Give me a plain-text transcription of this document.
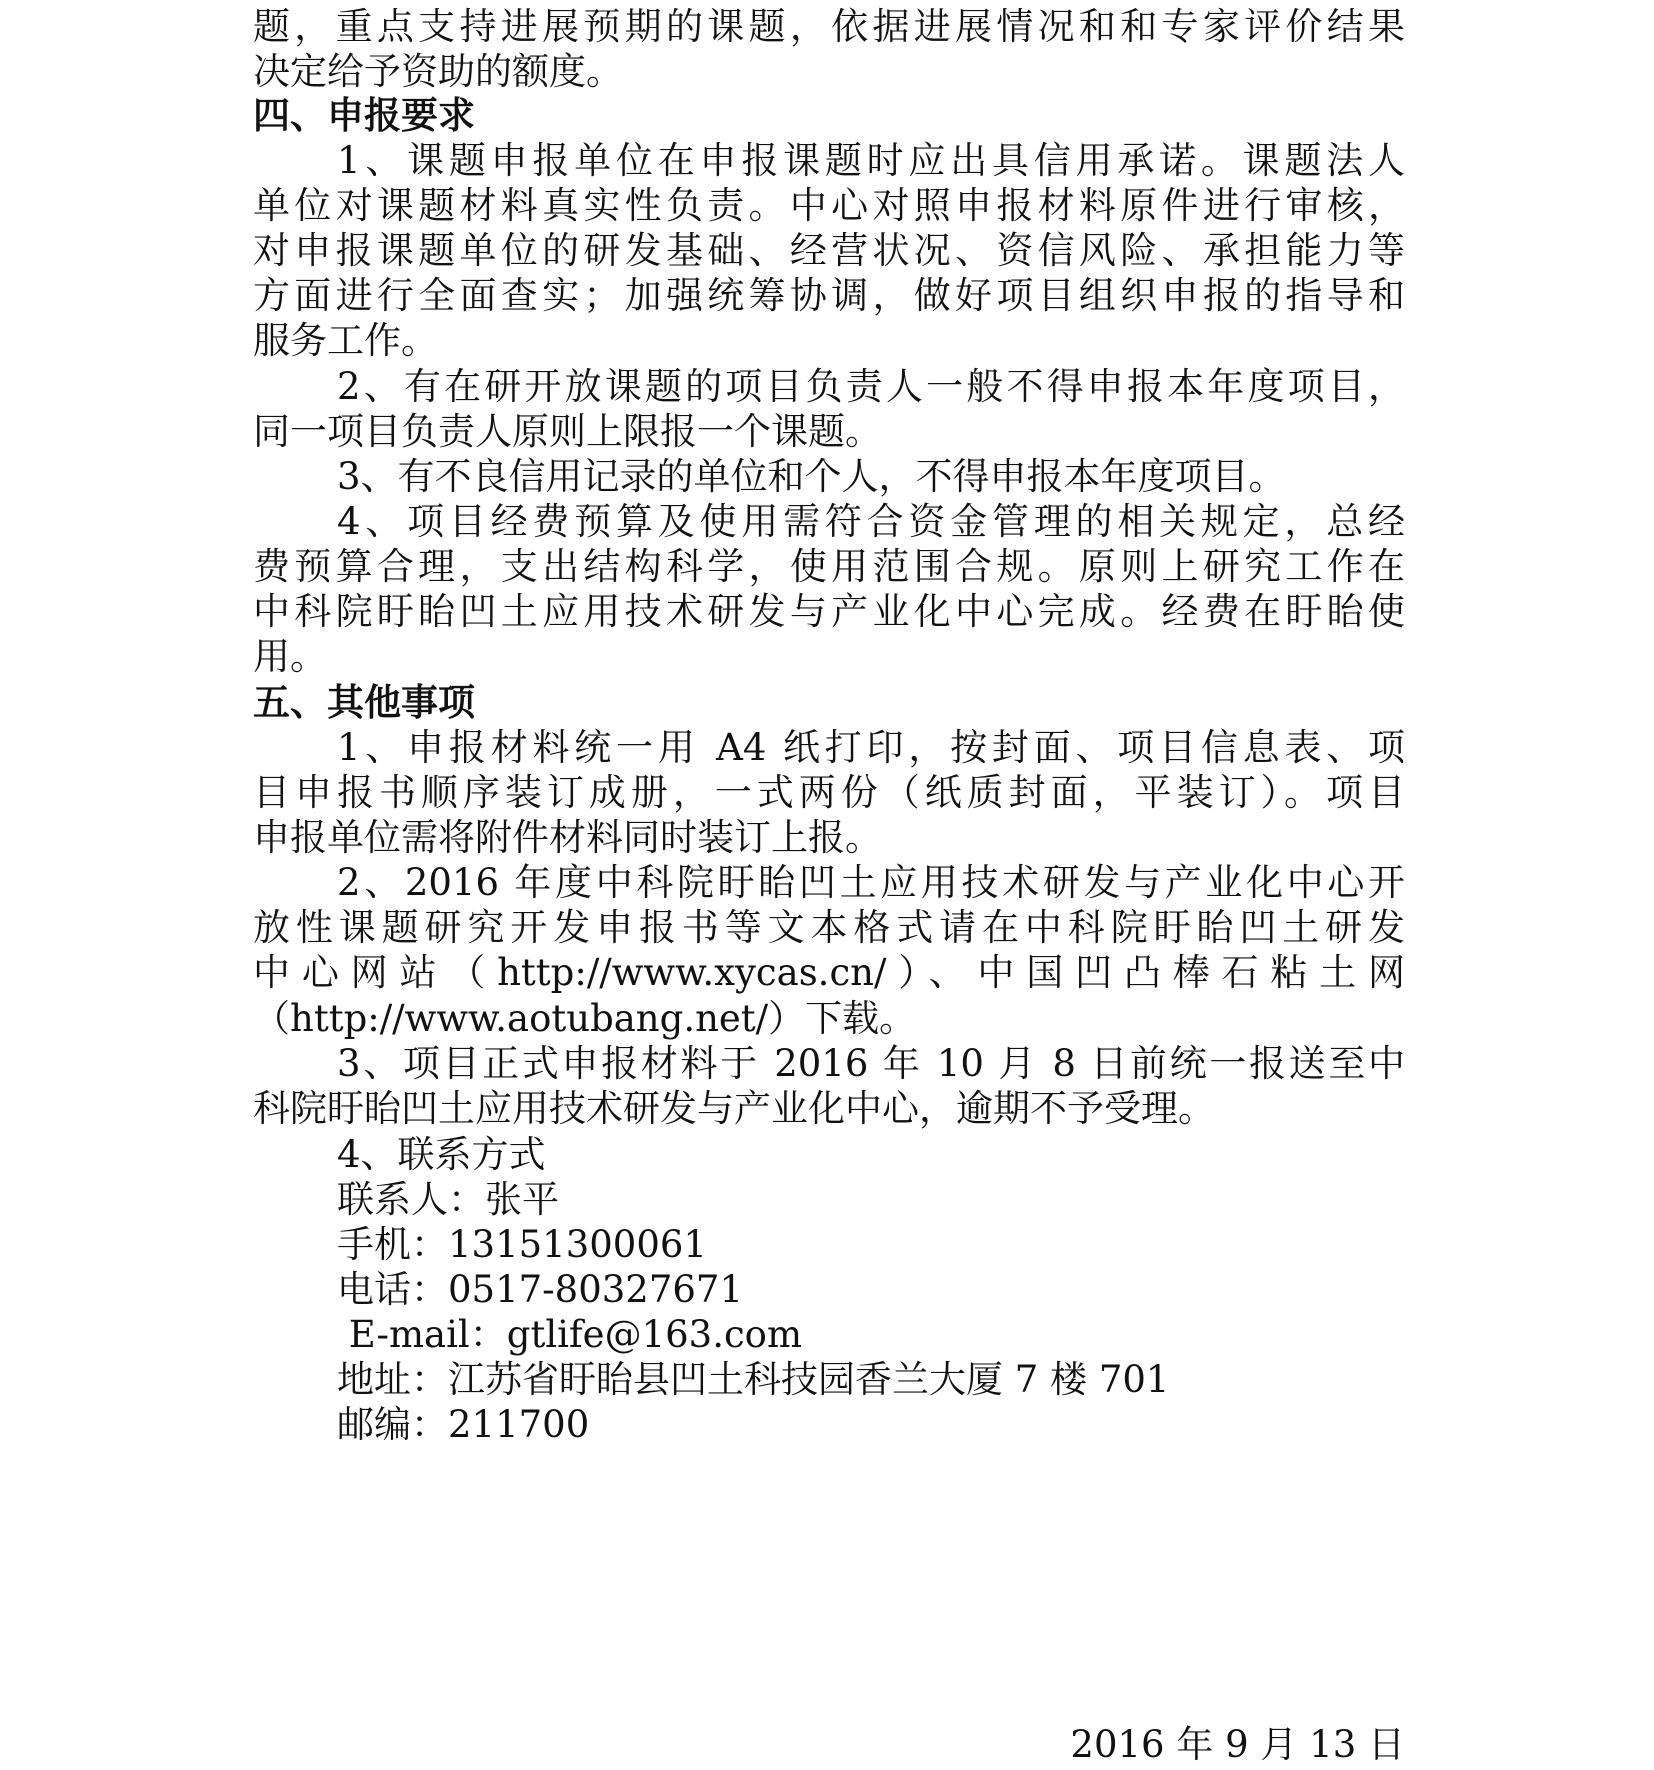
题，重点支持进展预期的课题，依据进展情况和和专家评价结果
决定给予资助的额度。
四、申报要求
1、课题申报单位在申报课题时应出具信用承诺。课题法人
单位对课题材料真实性负责。中心对照申报材料原件进行审核，
对申报课题单位的研发基础、经营状况、资信风险、承担能力等
方面进行全面查实；加强统筹协调，做好项目组织申报的指导和
服务工作。
2、有在研开放课题的项目负责人一般不得申报本年度项目，
同一项目负责人原则上限报一个课题。
3、有不良信用记录的单位和个人，不得申报本年度项目。
4、项目经费预算及使用需符合资金管理的相关规定，总经
费预算合理，支出结构科学，使用范围合规。原则上研究工作在
中科院盱眙凹土应用技术研发与产业化中心完成。经费在盱眙使
用。
五、其他事项
1、申报材料统一用 A4 纸打印，按封面、项目信息表、项
目申报书顺序装订成册，一式两份（纸质封面，平装订）。项目
申报单位需将附件材料同时装订上报。
2、2016 年度中科院盱眙凹土应用技术研发与产业化中心开
放性课题研究开发申报书等文本格式请在中科院盱眙凹土研发
中心网站（http://www.xycas.cn/）、中国凹凸棒石粘土网
（http://www.aotubang.net/）下载。
3、项目正式申报材料于 2016 年 10 月 8 日前统一报送至中
科院盱眙凹土应用技术研发与产业化中心，逾期不予受理。
4、联系方式
联系人：张平
手机：13151300061
电话：0517-80327671
E-mail：gtlife@163.com
地址：江苏省盱眙县凹土科技园香兰大厦 7 楼 701
邮编：211700
2016 年 9 月 13 日
